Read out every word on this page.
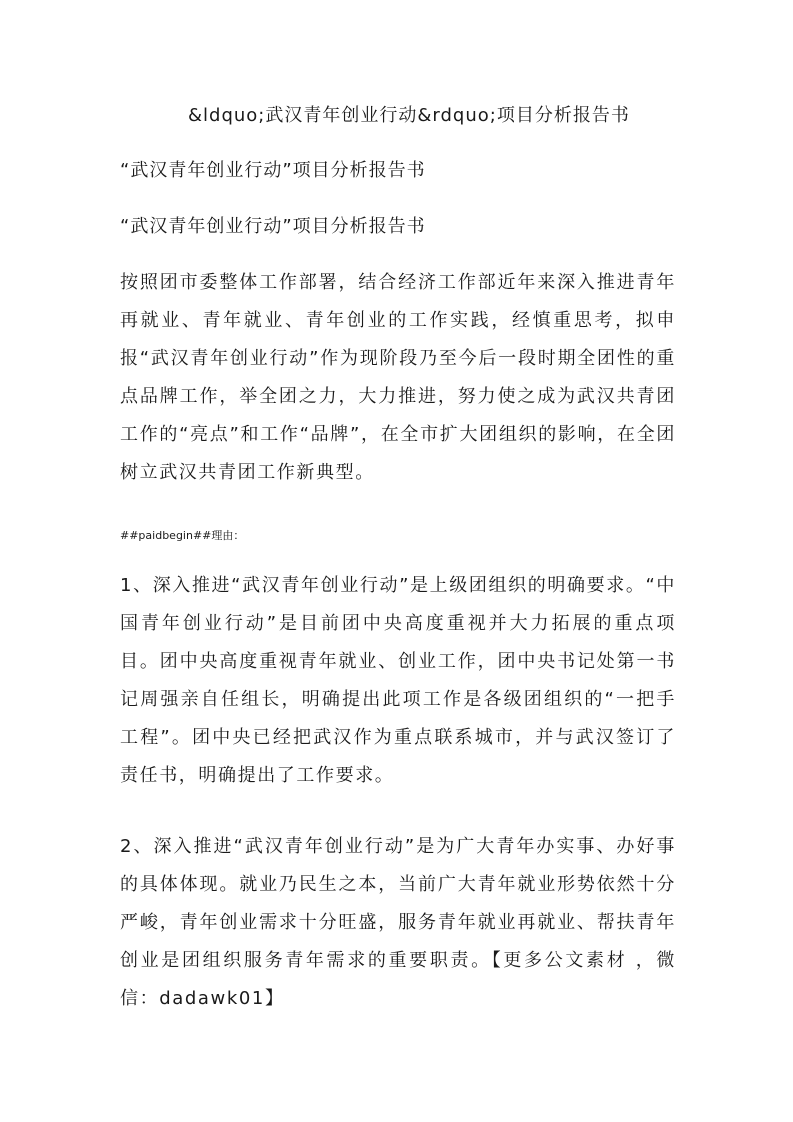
&ldquo;武汉青年创业行动&rdquo;项目分析报告书
“武汉青年创业行动”项目分析报告书
“武汉青年创业行动”项目分析报告书

按照团市委整体工作部署，结合经济工作部近年来深入推进青年再就业、青年就业、青年创业的工作实践，经慎重思考，拟申报“武汉青年创业行动”作为现阶段乃至今后一段时期全团性的重点品牌工作，举全团之力，大力推进，努力使之成为武汉共青团工作的“亮点”和工作“品牌”，在全市扩大团组织的影响，在全团树立武汉共青团工作新典型。

##paidbegin##理由：

1、深入推进“武汉青年创业行动”是上级团组织的明确要求。“中国青年创业行动”是目前团中央高度重视并大力拓展的重点项目。团中央高度重视青年就业、创业工作，团中央书记处第一书记周强亲自任组长，明确提出此项工作是各级团组织的“一把手工程”。团中央已经把武汉作为重点联系城市，并与武汉签订了责任书，明确提出了工作要求。

2、深入推进“武汉青年创业行动”是为广大青年办实事、办好事的具体体现。就业乃民生之本，当前广大青年就业形势依然十分严峻，青年创业需求十分旺盛，服务青年就业再就业、帮扶青年创业是团组织服务青年需求的重要职责。【更多公文素材 ，微信：dadawk01】
